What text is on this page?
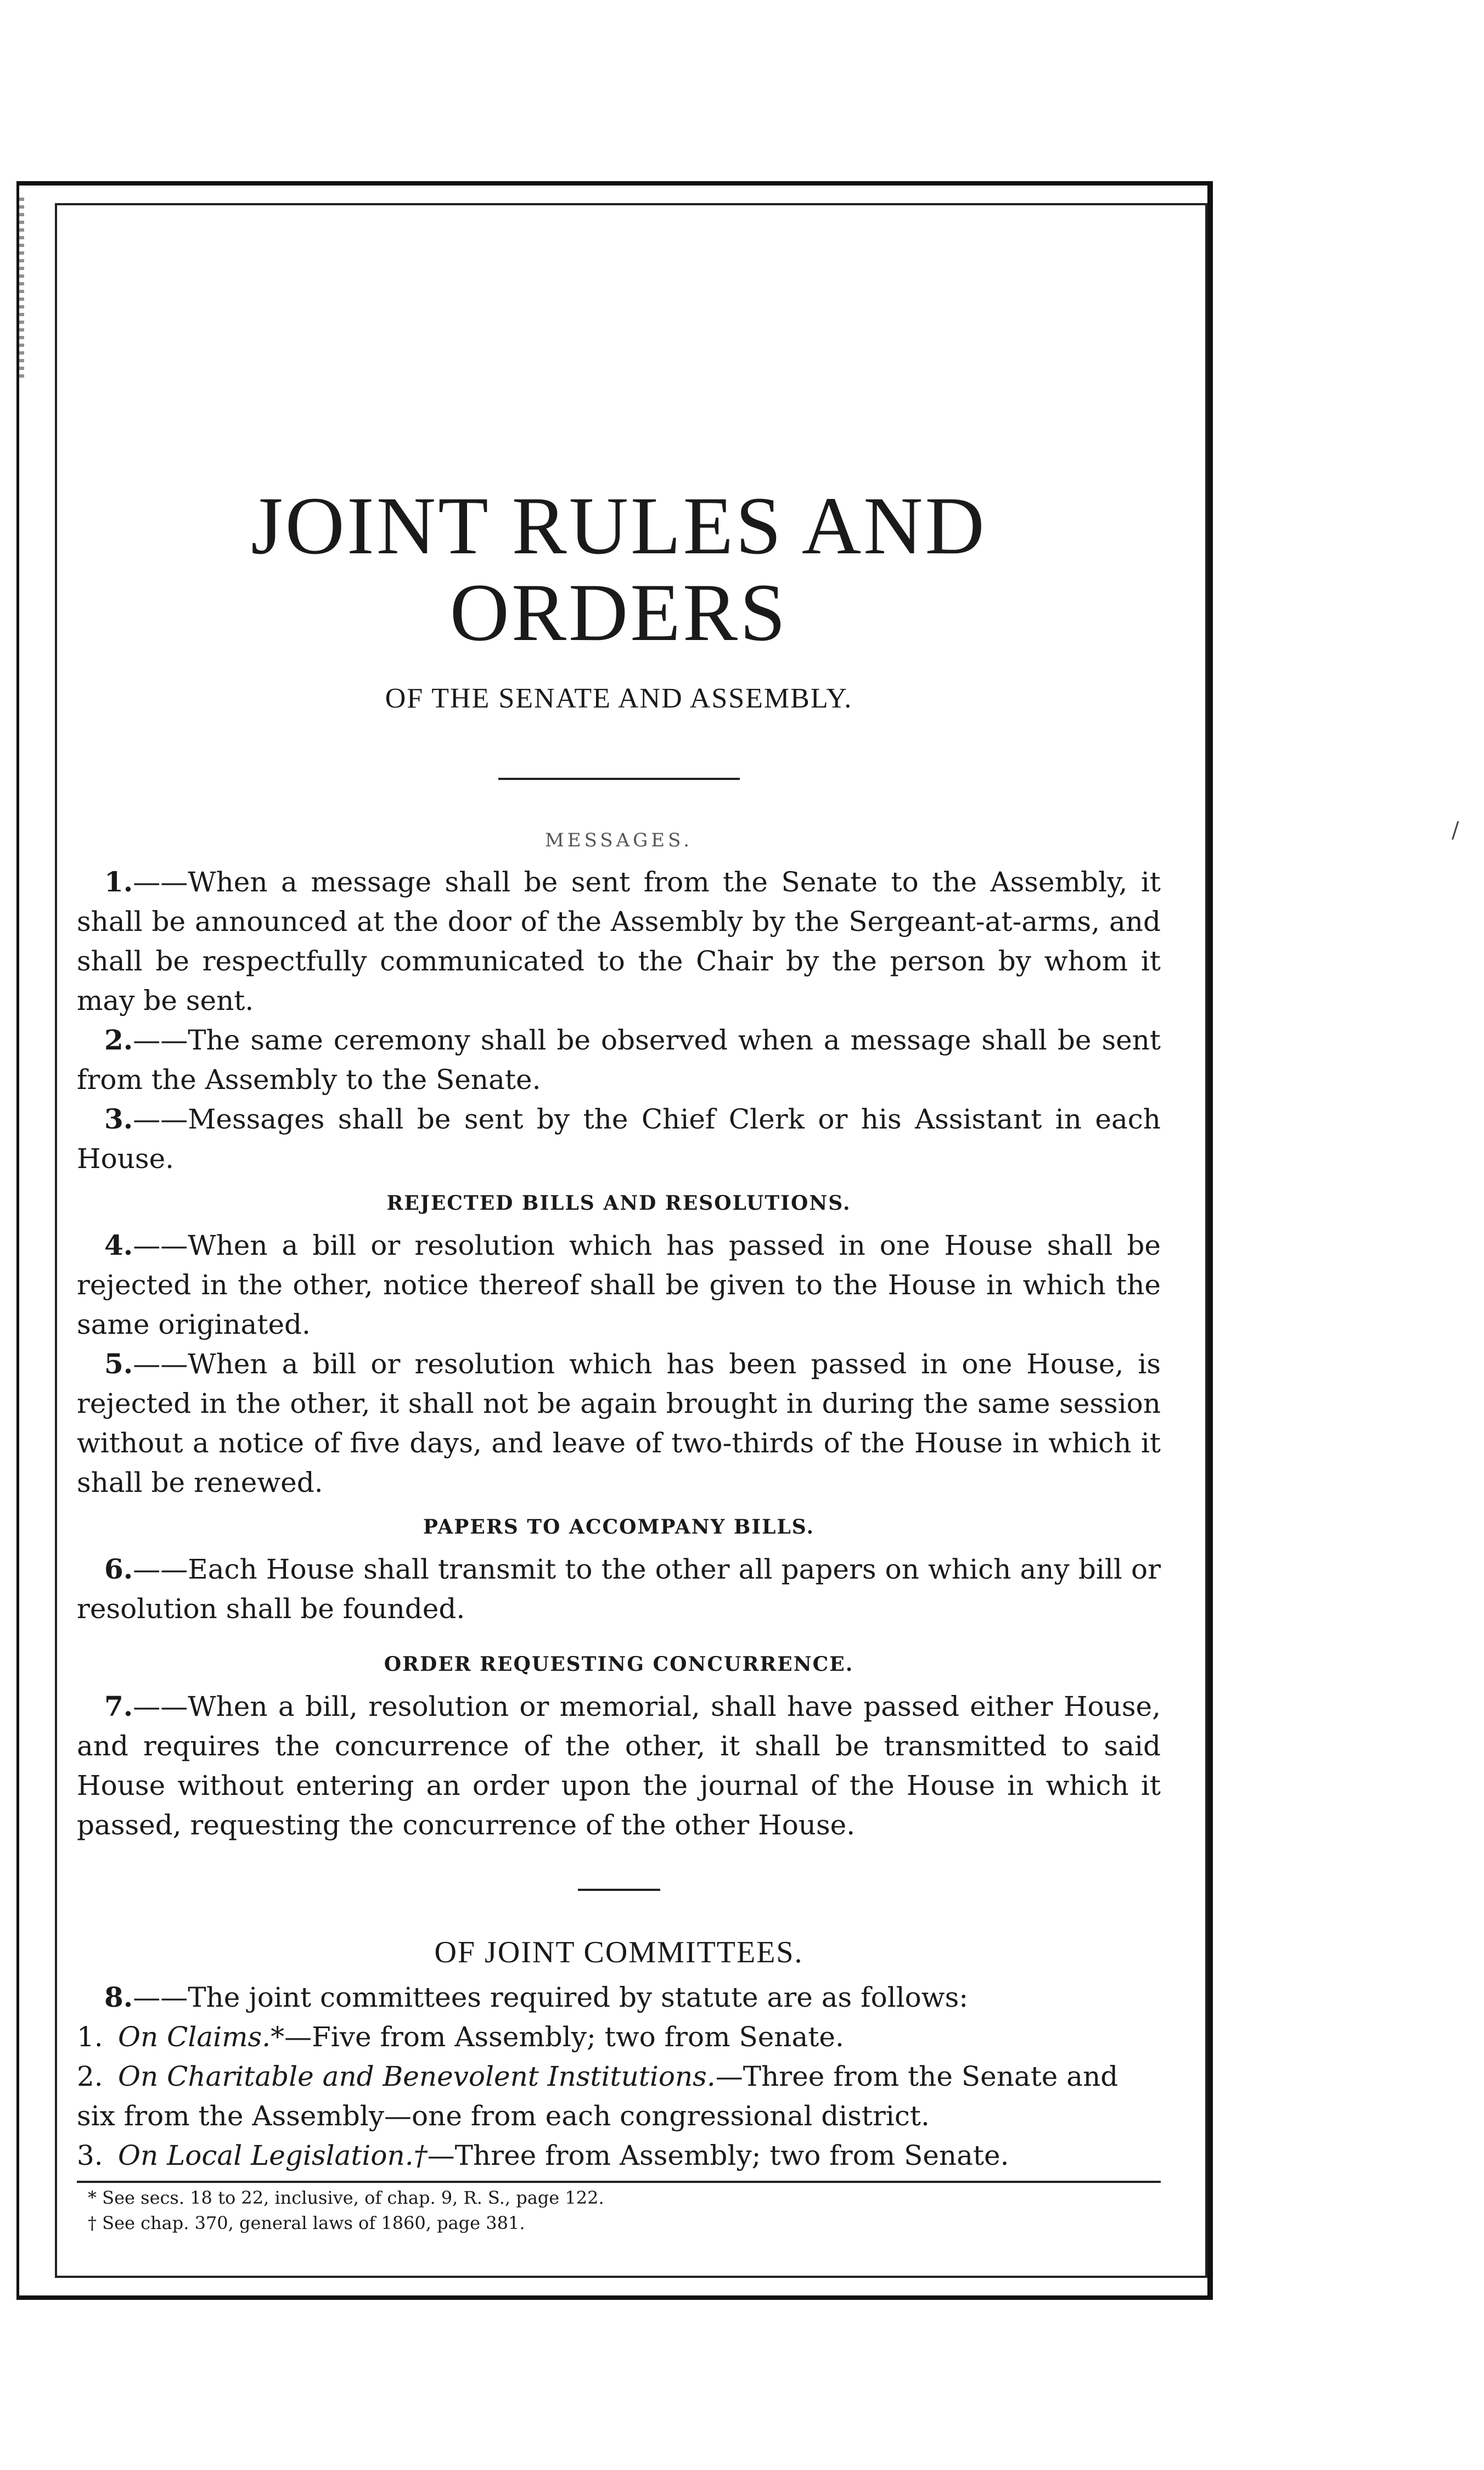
/
JOINT RULES AND ORDERS
OF THE SENATE AND ASSEMBLY.
MESSAGES.

1.——When a message shall be sent from the Senate to the Assembly, it shall be announced at the door of the Assembly by the Sergeant-at-arms, and shall be respectfully communicated to the Chair by the person by whom it may be sent.

2.——The same ceremony shall be observed when a message shall be sent from the Assembly to the Senate.

3.——Messages shall be sent by the Chief Clerk or his Assistant in each House.

REJECTED BILLS AND RESOLUTIONS.

4.——When a bill or resolution which has passed in one House shall be rejected in the other, notice thereof shall be given to the House in which the same originated.

5.——When a bill or resolution which has been passed in one House, is rejected in the other, it shall not be again brought in during the same session without a notice of five days, and leave of two-thirds of the House in which it shall be renewed.

PAPERS TO ACCOMPANY BILLS.

6.——Each House shall transmit to the other all papers on which any bill or resolution shall be founded.

ORDER REQUESTING CONCURRENCE.

7.——When a bill, resolution or memorial, shall have passed either House, and requires the concurrence of the other, it shall be transmitted to said House without entering an order upon the journal of the House in which it passed, requesting the concurrence of the other House.

OF JOINT COMMITTEES.

8.——The joint committees required by statute are as follows:

1. On Claims.*—Five from Assembly; two from Senate.
2. On Charitable and Benevolent Institutions.—Three from the Senate and
six from the Assembly—one from each congressional district.
3. On Local Legislation.†—Three from Assembly; two from Senate.
* See secs. 18 to 22, inclusive, of chap. 9, R. S., page 122.
† See chap. 370, general laws of 1860, page 381.
